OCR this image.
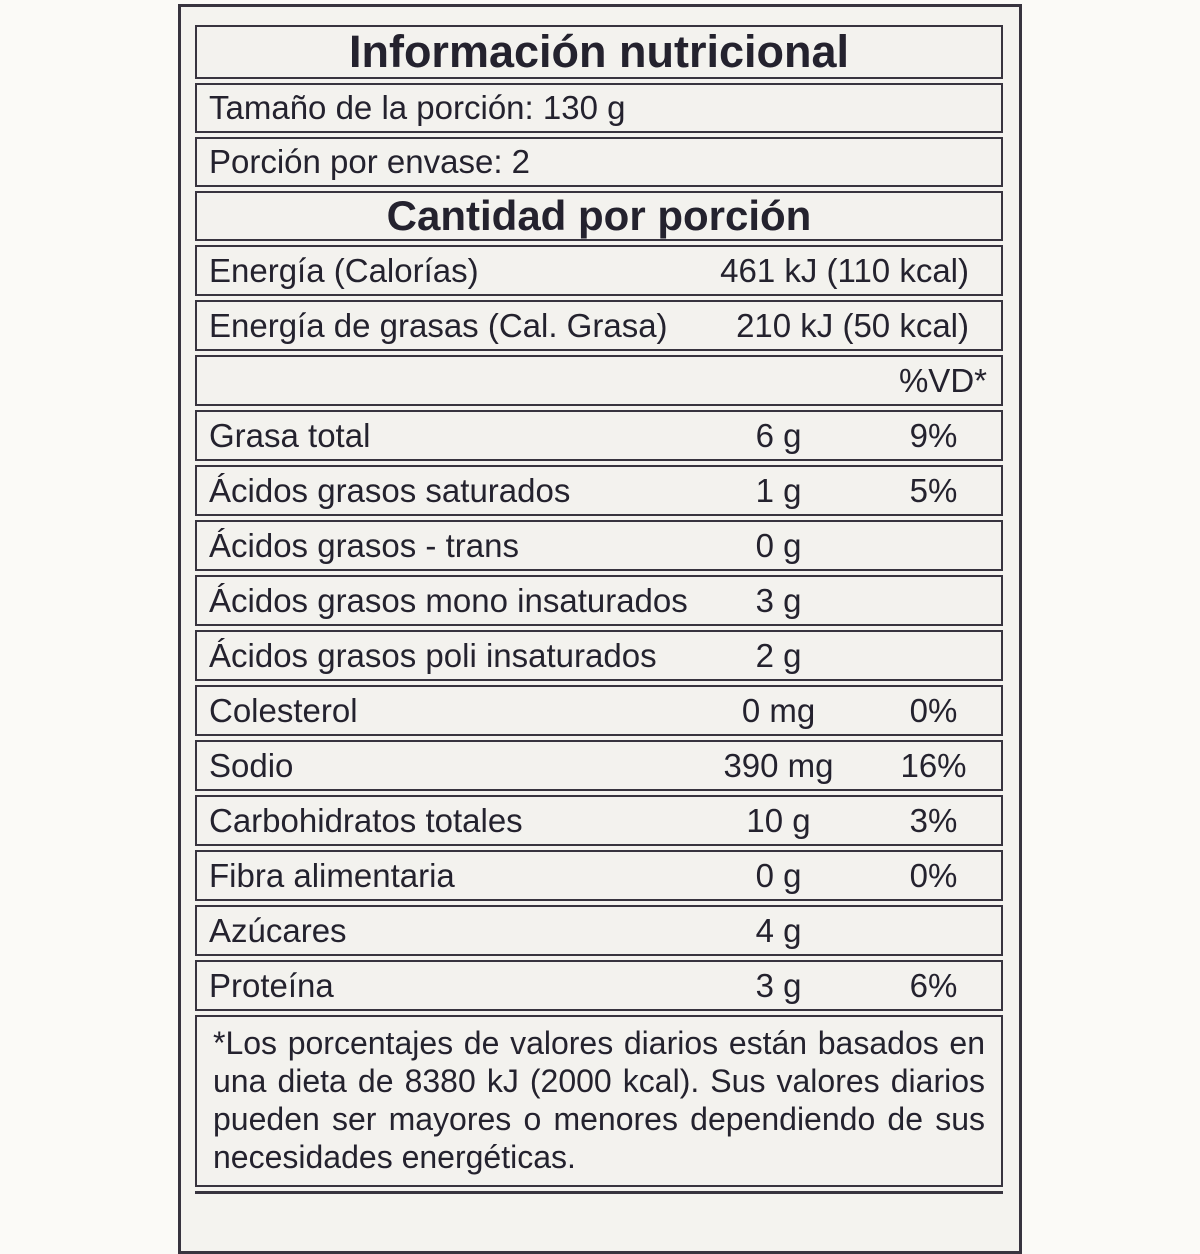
Información nutricional
Tamaño de la porción: 130 g
Porción por envase: 2
Cantidad por porción
Energía (Calorías)	461 kJ (110 kcal)
Energía de grasas (Cal. Grasa) 210 kJ (50 kcal)
%VD*
Grasa total	6 g	9%
Ácidos grasos saturados	1 g	5%
Ácidos grasos - trans	0 g
Ácidos grasos mono insaturados	3 g
Ácidos grasos poli insaturados	2 g
Colesterol	0 mg	0%
Sodio	390 mg	16%
Carbohidratos totales	10 g	3%
Fibra alimentaria	0 g	0%
Azúcares	4 g
Proteína	3 g	6%
*Los porcentajes de valores diarios están basados en una dieta de 8380 kJ (2000 kcal). Sus valores diarios pueden ser mayores o menores dependiendo de sus necesidades energéticas.
